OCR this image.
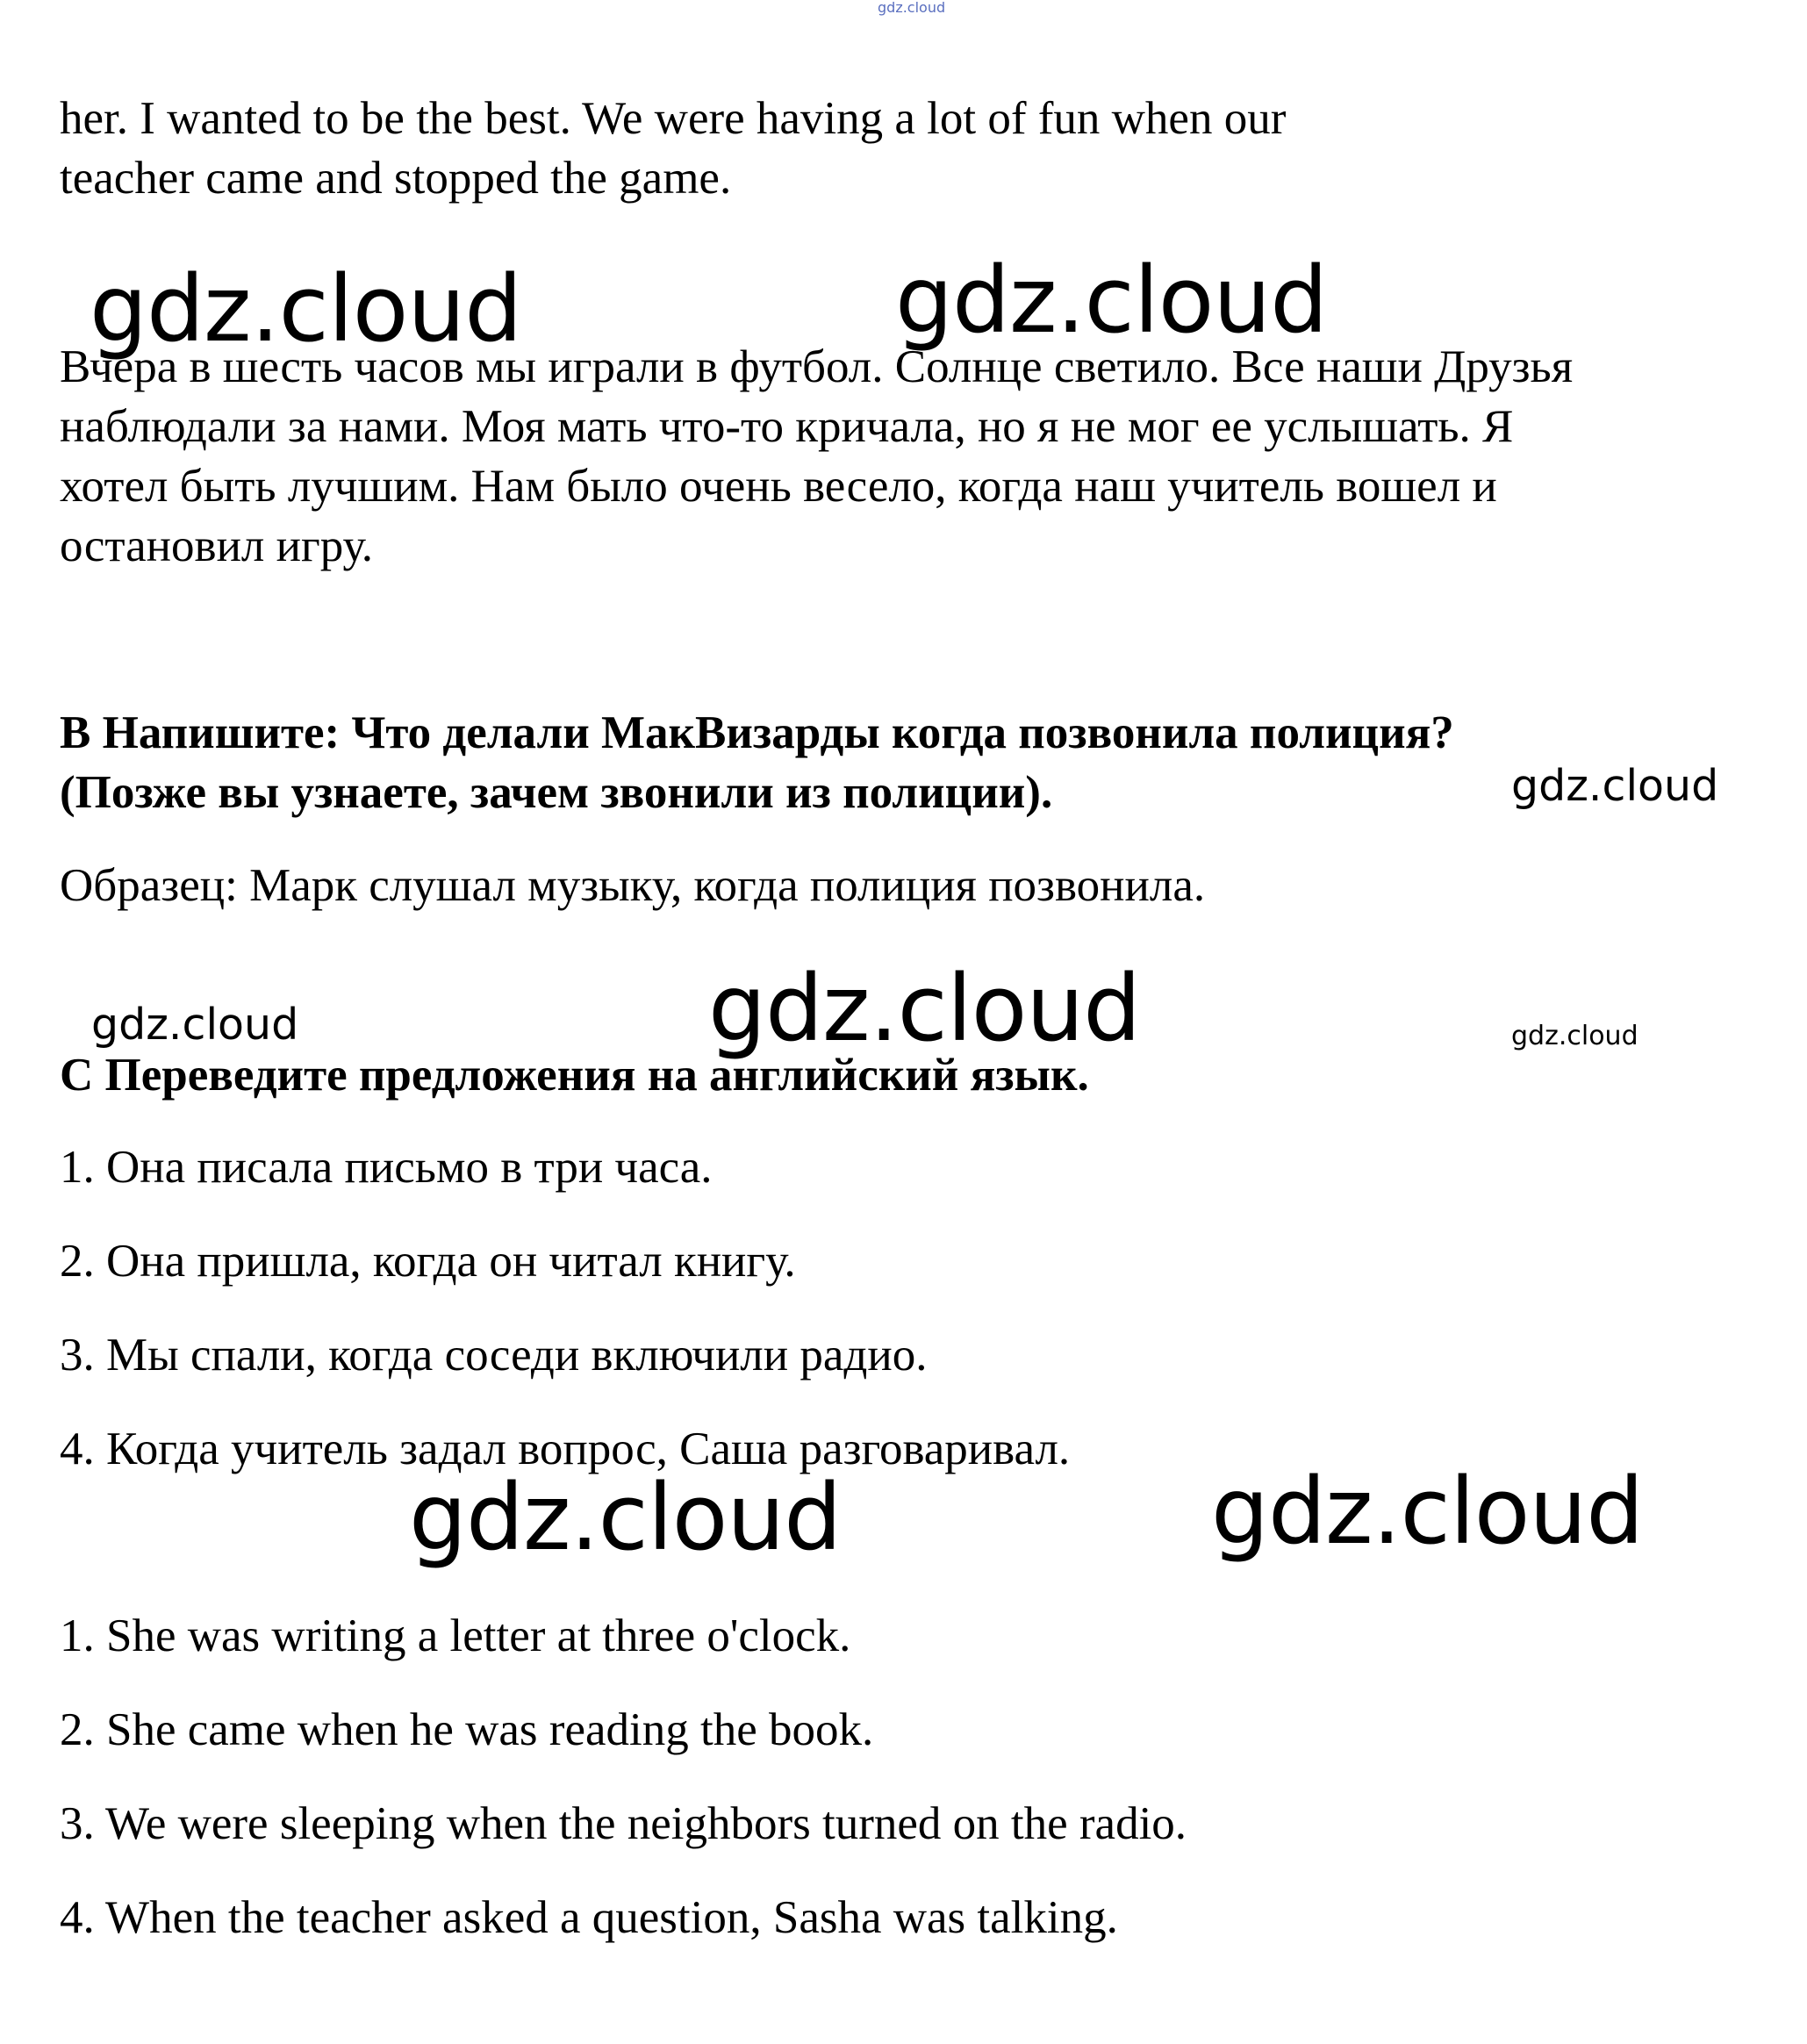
gdz.cloud

her. I wanted to be the best. We were having a lot of fun when our

teacher came and stopped the game.

Вчера в шесть часов мы играли в футбол. Солнце светило. Все наши Друзья

наблюдали за нами. Моя мать что-то кричала, но я не мог ее услышать. Я

хотел быть лучшим. Нам было очень весело, когда наш учитель вошел и

остановил игру.

B Напишите: Что делали МакВизарды когда позвонила полиция?

(Позже вы узнаете, зачем звонили из полиции).

Образец: Марк слушал музыку, когда полиция позвонила.

C Переведите предложения на английский язык.

1. Она писала письмо в три часа.

2. Она пришла, когда он читал книгу.

3. Мы спали, когда соседи включили радио.

4. Когда учитель задал вопрос, Саша разговаривал.

1. She was writing a letter at three o'clock.

2. She came when he was reading the book.

3. We were sleeping when the neighbors turned on the radio.

4. When the teacher asked a question, Sasha was talking.

gdz.cloud	gdz.cloud
gdz.cloud
gdz.cloud	gdz.cloud	gdz.cloud
gdz.cloud	gdz.cloud
